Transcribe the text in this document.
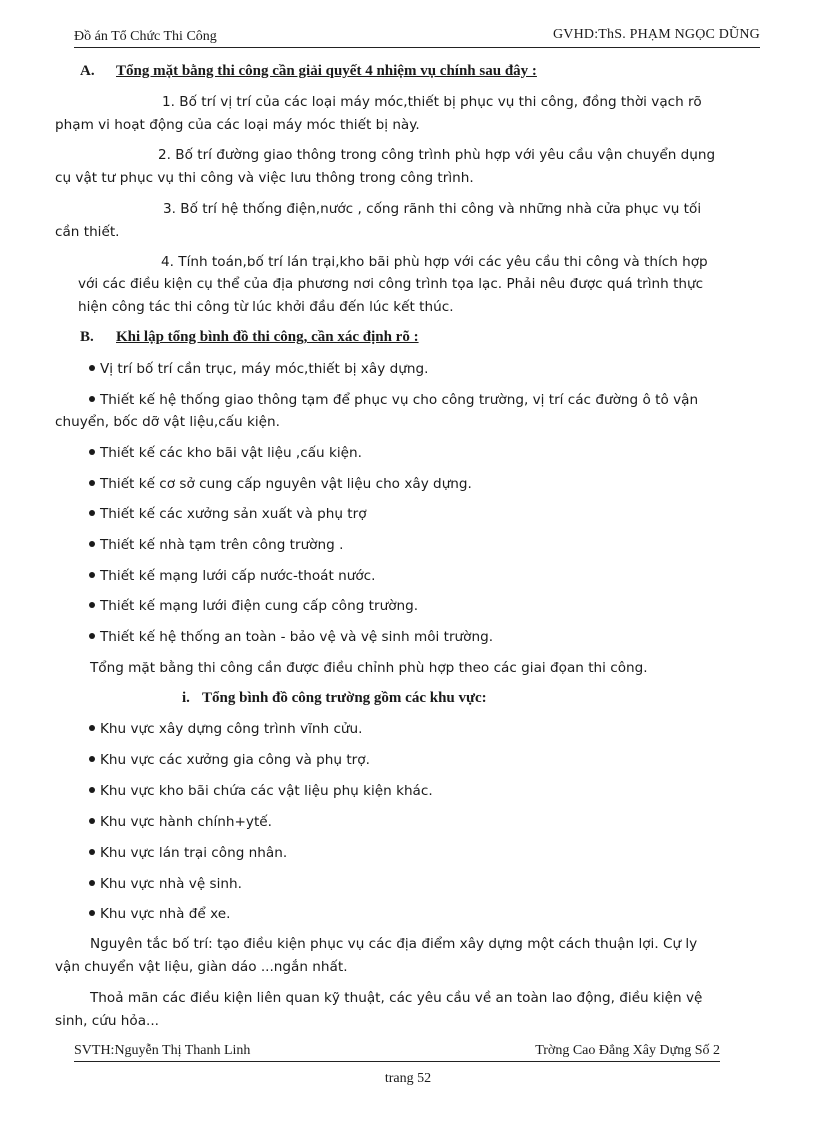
Đồ án Tổ Chức Thi Công	GVHD:ThS. PHẠM NGỌC DŨNG
A. Tổng mặt bằng thi công cần giải quyết 4 nhiệm vụ chính sau đây :
1. Bố trí vị trí của các loại máy móc,thiết bị phục vụ thi công, đồng thời vạch rõ
phạm vi hoạt động của các loại máy móc thiết bị này.
2. Bố trí đường giao thông trong công trình phù hợp với yêu cầu vận chuyển dụng
cụ vật tư phục vụ thi công và việc lưu thông trong công trình.
3. Bố trí hệ thống điện,nước , cống rãnh thi công và những nhà cửa phục vụ tối
cần thiết.
4. Tính toán,bố trí lán trại,kho bãi phù hợp với các yêu cầu thi công và thích hợp
với các điều kiện cụ thể của địa phương nơi công trình tọa lạc. Phải nêu được quá trình thực
hiện công tác thi công từ lúc khởi đầu đến lúc kết thúc.
B. Khi lập tổng bình đồ thi công, cần xác định rõ :
Vị trí bố trí cần trục, máy móc,thiết bị xây dựng.
Thiết kế hệ thống giao thông tạm để phục vụ cho công trường, vị trí các đường ô tô vận
chuyển, bốc dỡ vật liệu,cấu kiện.
Thiết kế các kho bãi vật liệu ,cấu kiện.
Thiết kế cơ sở cung cấp nguyên vật liệu cho xây dựng.
Thiết kế các xưởng sản xuất và phụ trợ
Thiết kế nhà tạm trên công trường .
Thiết kế mạng lưới cấp nước-thoát nước.
Thiết kế mạng lưới điện cung cấp công trường.
Thiết kế hệ thống an toàn - bảo vệ và vệ sinh môi trường.
Tổng mặt bằng thi công cần được điều chỉnh phù hợp theo các giai đọan thi công.
i. Tổng bình đồ công trường gồm các khu vực:
Khu vực xây dựng công trình vĩnh cửu.
Khu vực các xưởng gia công và phụ trợ.
Khu vực kho bãi chứa các vật liệu phụ kiện khác.
Khu vực hành chính+ytế.
Khu vực lán trại công nhân.
Khu vực nhà vệ sinh.
Khu vực nhà để xe.
Nguyên tắc bố trí: tạo điều kiện phục vụ các địa điểm xây dựng một cách thuận lợi. Cự ly
vận chuyển vật liệu, giàn dáo ...ngắn nhất.
Thoả mãn các điều kiện liên quan kỹ thuật, các yêu cầu về an toàn lao động, điều kiện vệ
sinh, cứu hỏa...
SVTH:Nguyễn Thị Thanh Linh	Trờng Cao Đẳng Xây Dựng Số 2
trang 52
